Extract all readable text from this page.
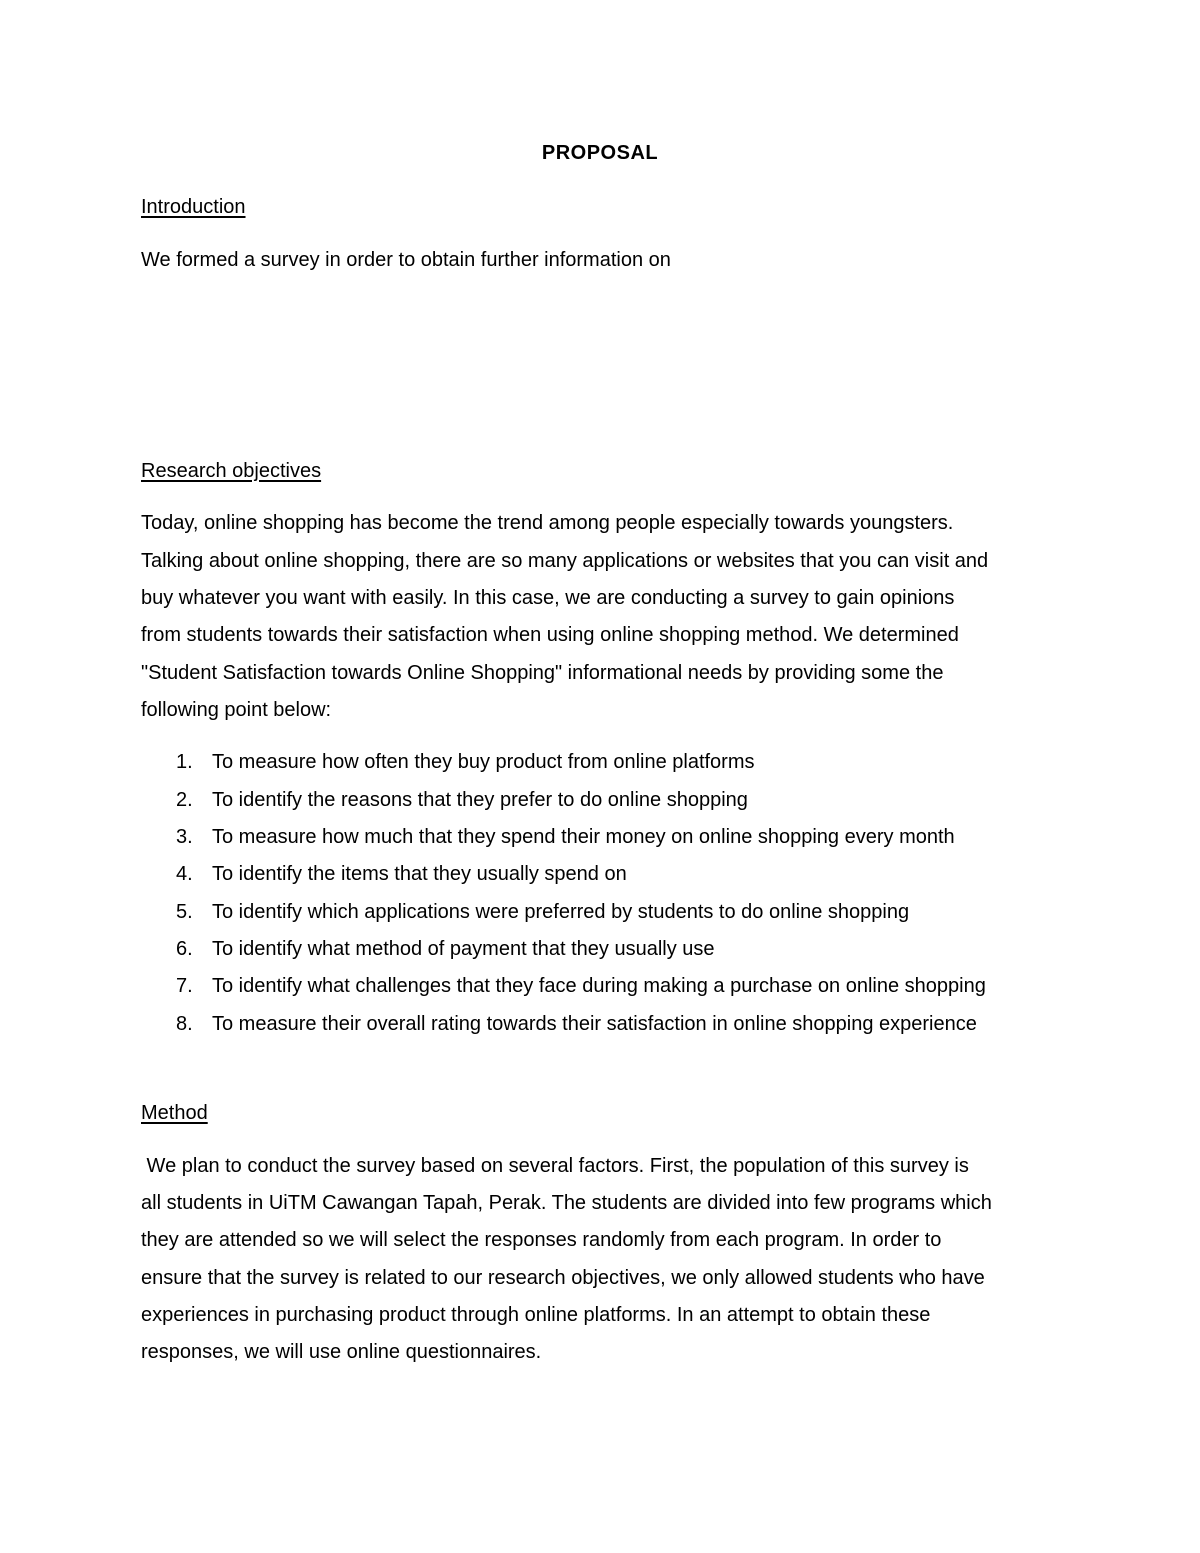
PROPOSAL
Introduction
We formed a survey in order to obtain further information on
Research objectives
Today, online shopping has become the trend among people especially towards youngsters.
Talking about online shopping, there are so many applications or websites that you can visit and
buy whatever you want with easily. In this case, we are conducting a survey to gain opinions
from students towards their satisfaction when using online shopping method. We determined
"Student Satisfaction towards Online Shopping" informational needs by providing some the
following point below:
1. To measure how often they buy product from online platforms
2. To identify the reasons that they prefer to do online shopping
3. To measure how much that they spend their money on online shopping every month
4. To identify the items that they usually spend on
5. To identify which applications were preferred by students to do online shopping
6. To identify what method of payment that they usually use
7. To identify what challenges that they face during making a purchase on online shopping
8. To measure their overall rating towards their satisfaction in online shopping experience
Method
We plan to conduct the survey based on several factors. First, the population of this survey is
all students in UiTM Cawangan Tapah, Perak. The students are divided into few programs which
they are attended so we will select the responses randomly from each program. In order to
ensure that the survey is related to our research objectives, we only allowed students who have
experiences in purchasing product through online platforms. In an attempt to obtain these
responses, we will use online questionnaires.
